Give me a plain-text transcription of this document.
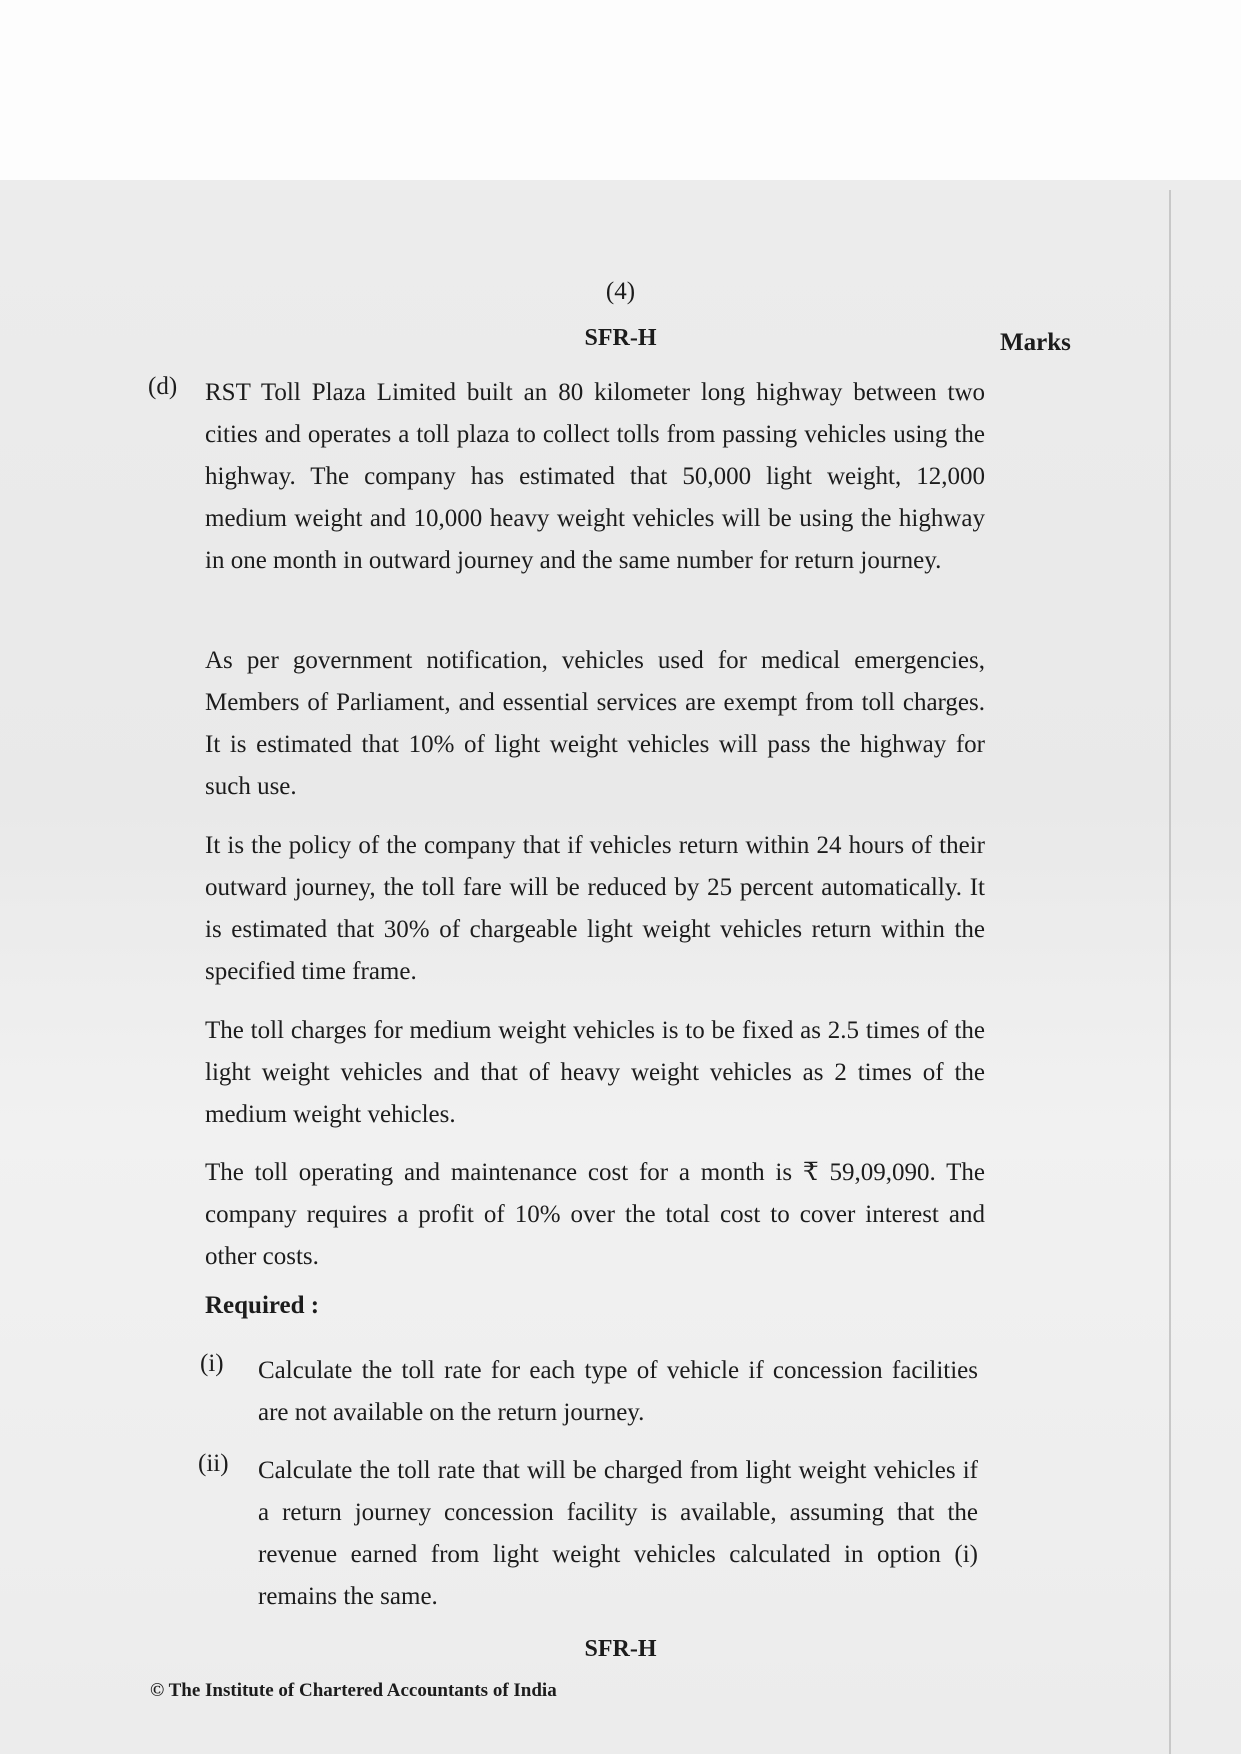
(4)
SFR-H	Marks
(d) RST Toll Plaza Limited built an 80 kilometer long highway between two cities and operates a toll plaza to collect tolls from passing vehicles using the highway. The company has estimated that 50,000 light weight, 12,000 medium weight and 10,000 heavy weight vehicles will be using the highway in one month in outward journey and the same number for return journey.
As per government notification, vehicles used for medical emergencies, Members of Parliament, and essential services are exempt from toll charges. It is estimated that 10% of light weight vehicles will pass the highway for such use.
It is the policy of the company that if vehicles return within 24 hours of their outward journey, the toll fare will be reduced by 25 percent automatically. It is estimated that 30% of chargeable light weight vehicles return within the specified time frame.
The toll charges for medium weight vehicles is to be fixed as 2.5 times of the light weight vehicles and that of heavy weight vehicles as 2 times of the medium weight vehicles.
The toll operating and maintenance cost for a month is ₹ 59,09,090. The company requires a profit of 10% over the total cost to cover interest and other costs.
Required :
(i) Calculate the toll rate for each type of vehicle if concession facilities are not available on the return journey.
(ii) Calculate the toll rate that will be charged from light weight vehicles if a return journey concession facility is available, assuming that the revenue earned from light weight vehicles calculated in option (i) remains the same.
SFR-H
© The Institute of Chartered Accountants of India
